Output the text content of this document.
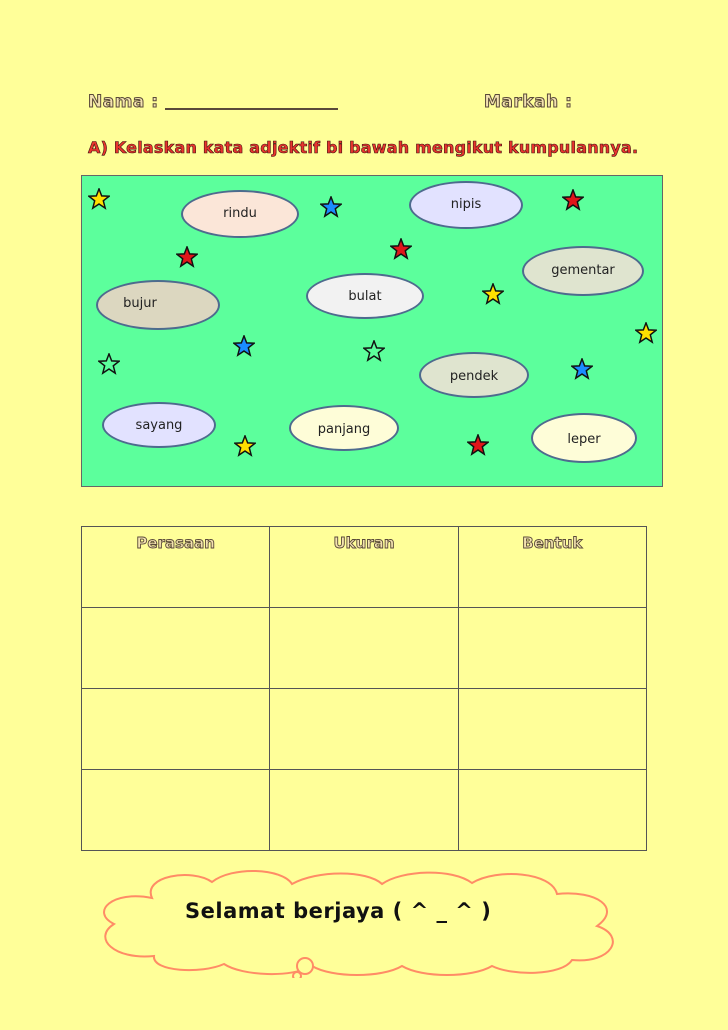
Nama :	Markah :
A) Kelaskan kata adjektif bi bawah mengikut kumpulannya.
rindu
nipis
gementar
bujur	bulat
pendek
sayang	panjang
leper
Perasaan	Ukuran	Bentuk

Selamat berjaya ( ^ _ ^ )
